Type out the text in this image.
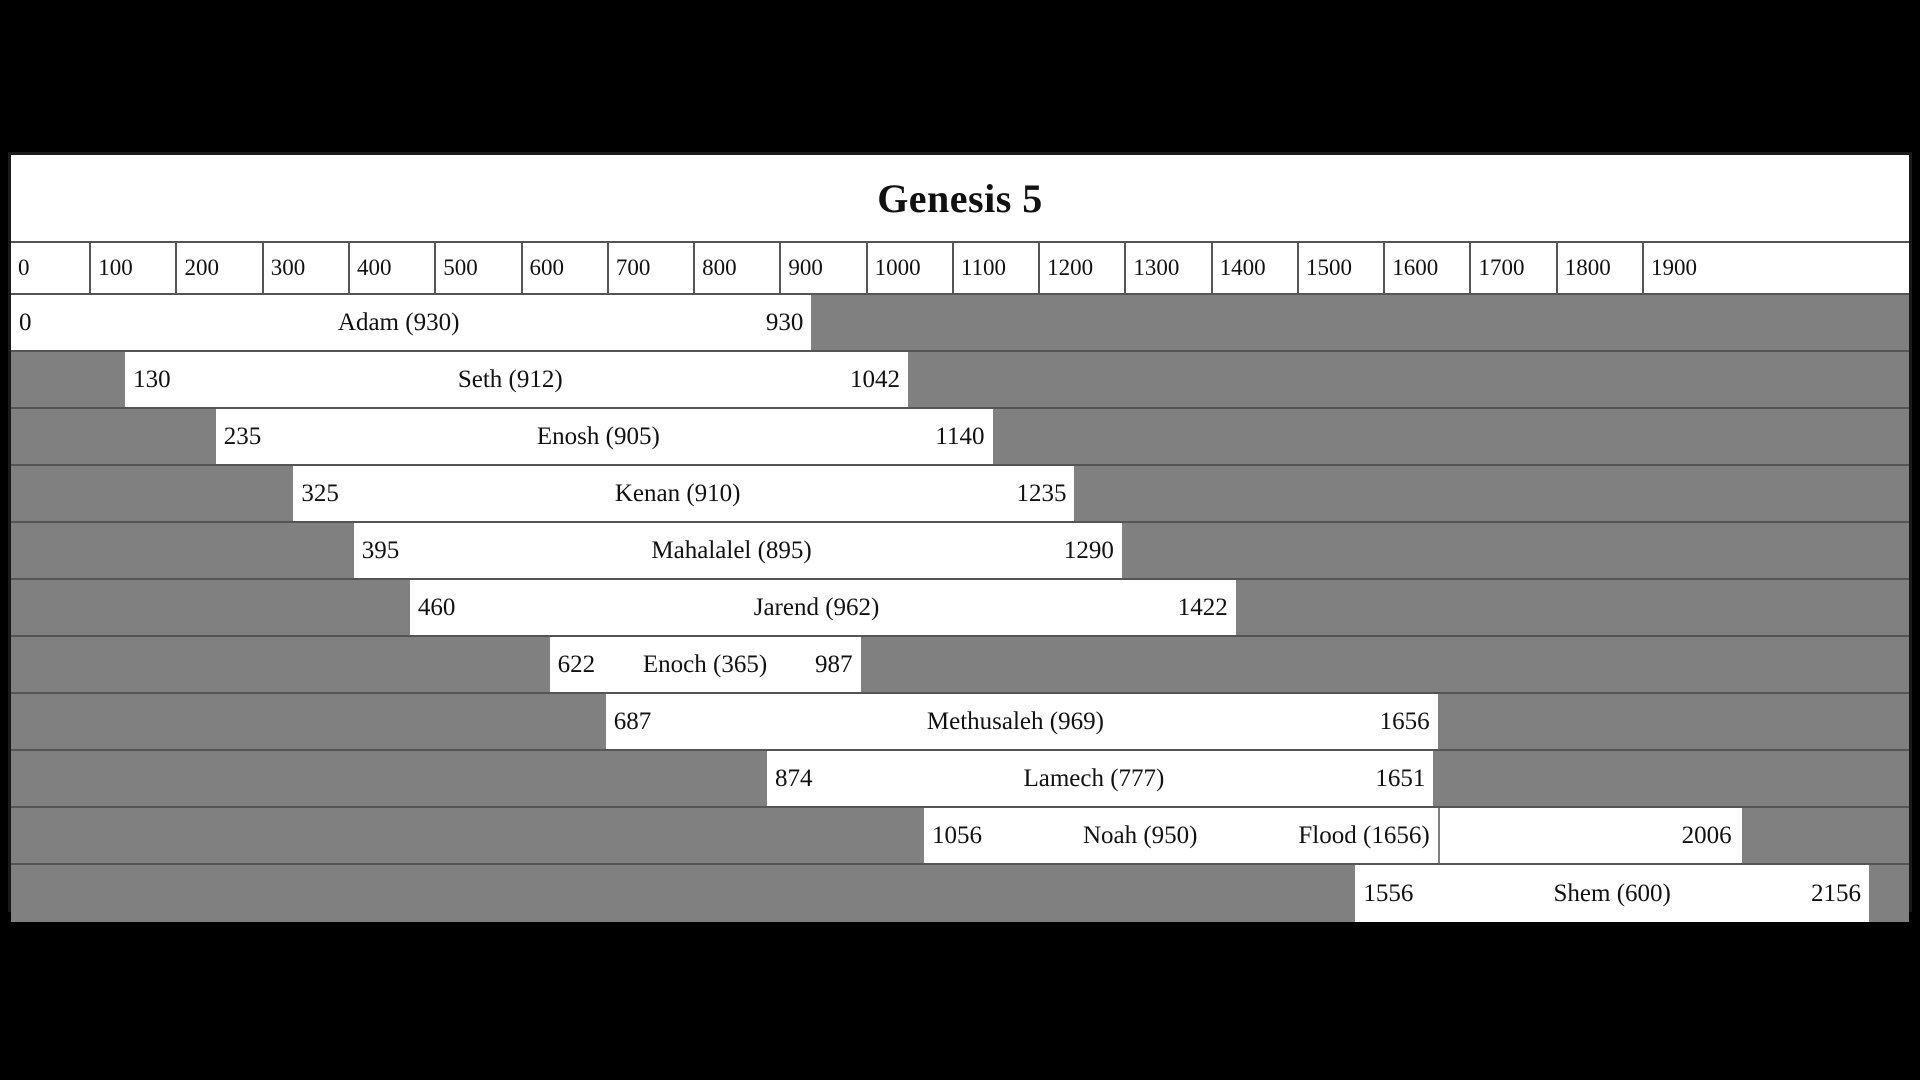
Genesis 5
0	100	200	300	400	500	600	700	800	900	1000	1100	1200	1300	1400	1500	1600	1700	1800	1900
0	Adam (930)	930
130	Seth (912)	1042
235	Enosh (905)	1140
325	Kenan (910)	1235
395	Mahalalel (895)	1290
460	Jarend (962)	1422
622	Enoch (365)	987
687	Methusaleh (969)	1656
874	Lamech (777)	1651
1056	Noah (950)	Flood (1656)	2006
1556	Shem (600)	2156
